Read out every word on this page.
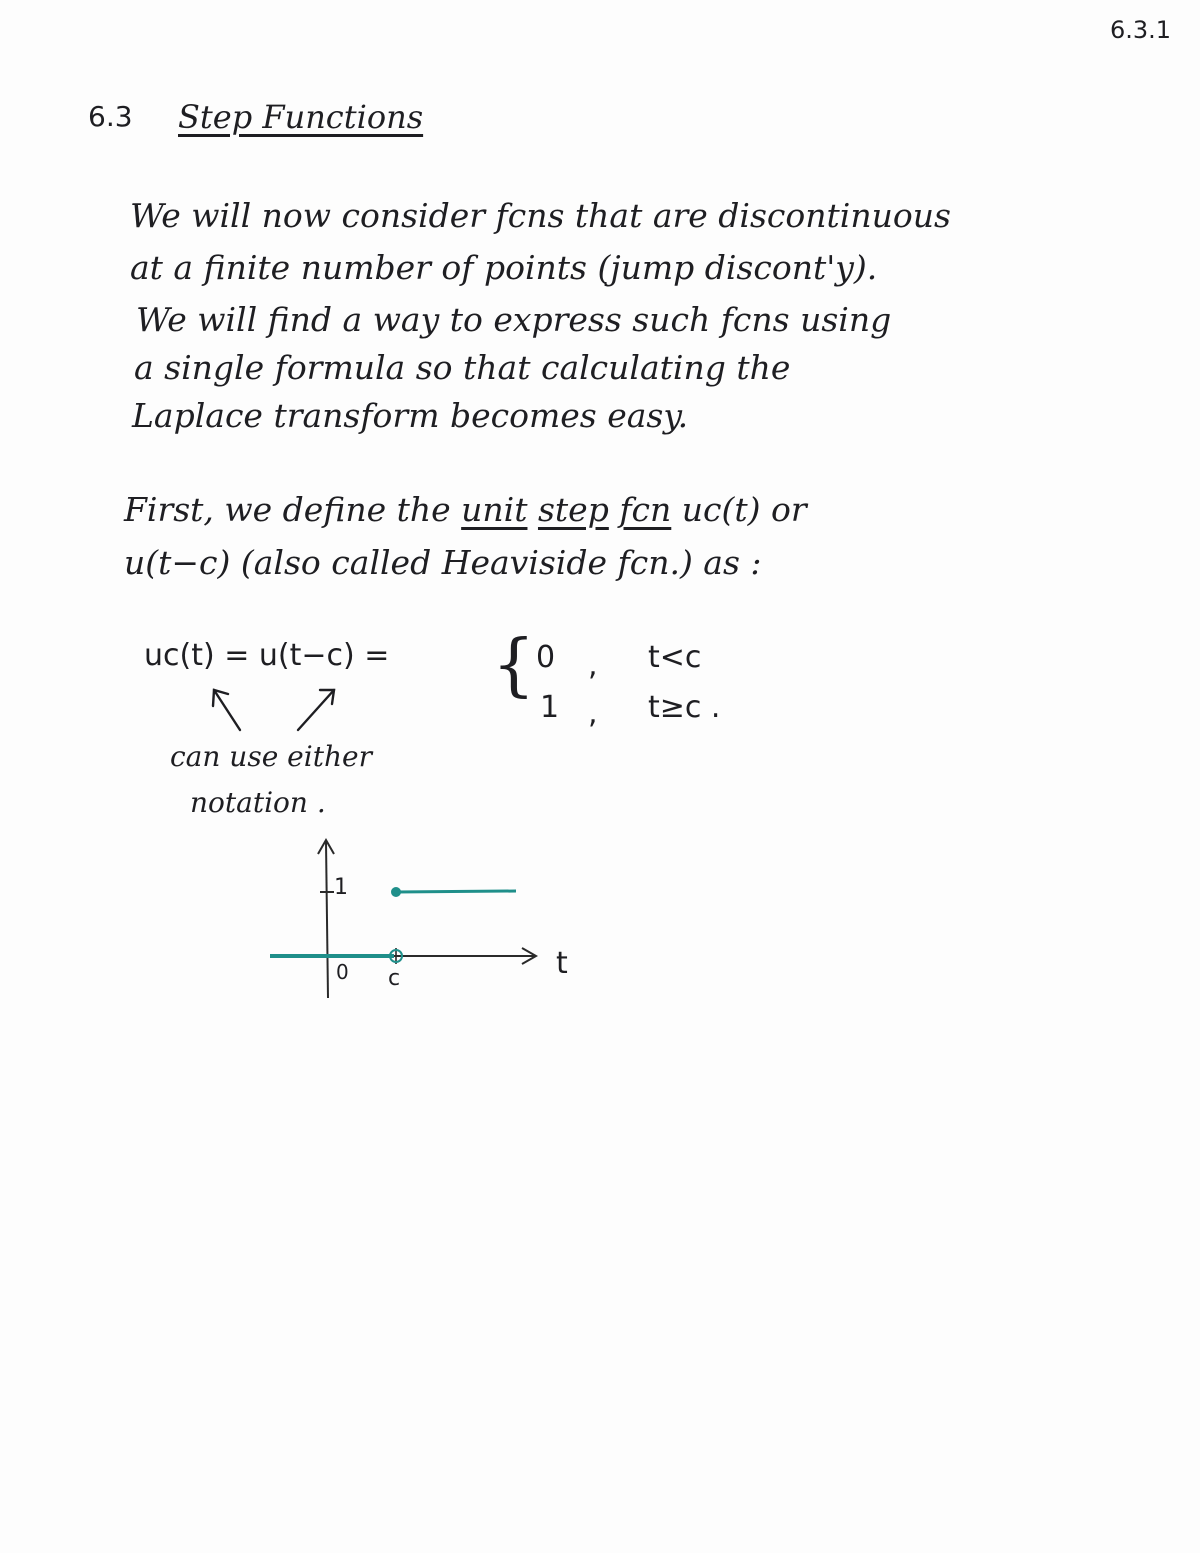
6.3.1
6.3 Step Functions
We will now consider fcns that are discontinuous
at a finite number of points (jump discont'y).
We will find a way to express such fcns using
a single formula so that calculating the
Laplace transform becomes easy.
First, we define the unit step fcn uc(t) or
u(t−c) (also called Heaviside fcn.) as :
uc(t) = u(t−c) = { 0
1
,
,
t<c
t≥c .
can use either
notation .
1
0 c	t
